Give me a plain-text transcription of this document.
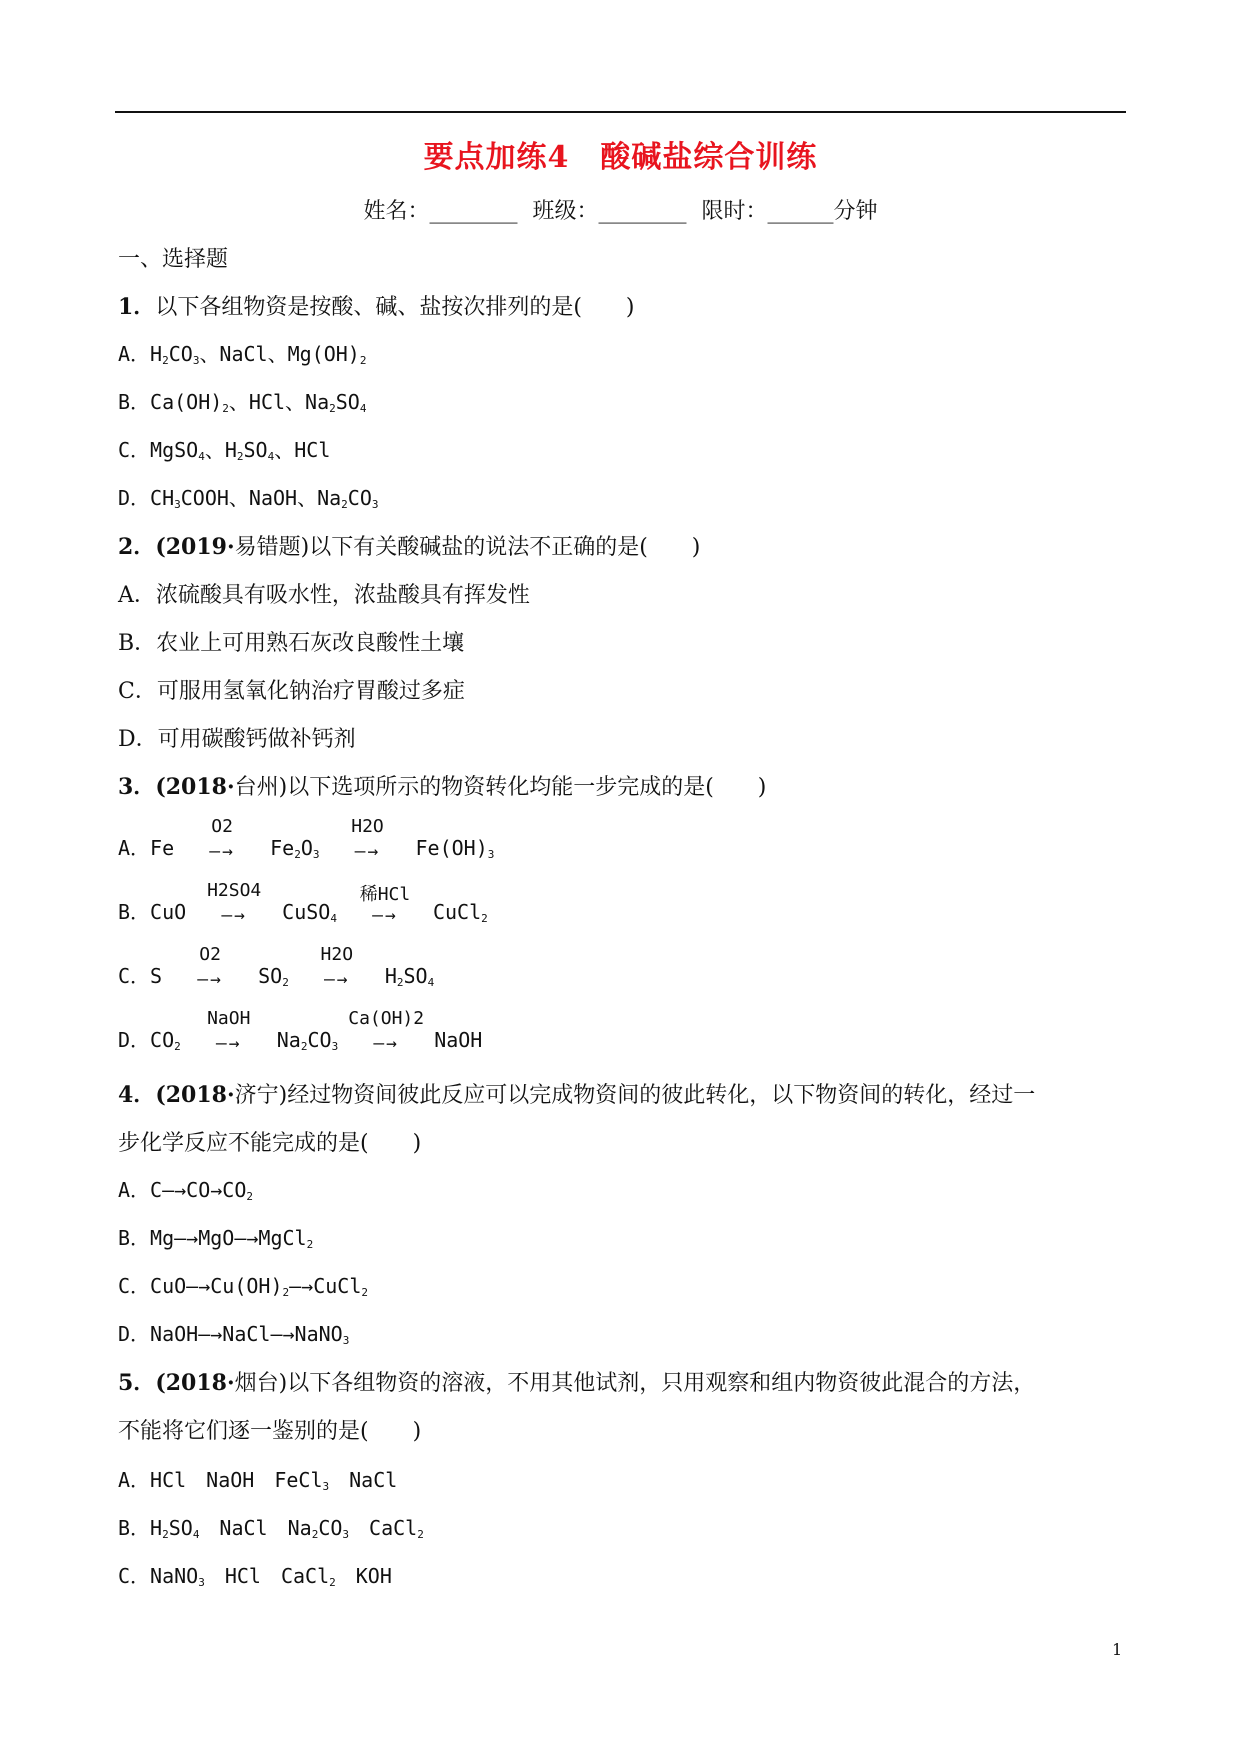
要点加练4　酸碱盐综合训练
姓名：________ 班级：________ 限时：______分钟
一、选择题
1．以下各组物资是按酸、碱、盐按次排列的是(　　)
A．$H_2CO_3$、NaCl、$Mg(OH)_2$
B．$Ca(OH)_2$、HCl、$Na_2SO_4$
C．MgSO$_4$、$H_2SO_4$、HCl
D．$CH_3COOH$、NaOH、$Na_2CO_3$
2．(2019·易错题)以下有关酸碱盐的说法不正确的是(　　)
A．浓硫酸具有吸水性，浓盐酸具有挥发性
B．农业上可用熟石灰改良酸性土壤
C．可服用氢氧化钠治疗胃酸过多症
D．可用碳酸钙做补钙剂
3．(2018·台州)以下选项所示的物资转化均能一步完成的是(　　)
A．Fe
O2
—→	$Fe_2O_3$
H2O
—→	$Fe(OH)_3$
B．CuO
H2SO4
—→	CuSO$_4$
稀HCl
—→	CuCl$_2$
C．S
O2
—→	$SO_2$
H2O
—→	$H_2SO_4$
D．$CO_2$
NaOH
—→	$Na_2CO_3$
Ca(OH)2
—→	NaOH
4．(2018·济宁)经过物资间彼此反应可以完成物资间的彼此转化，以下物资间的转化，经过一
步化学反应不能完成的是(　　)
A．$C—\to CO\to CO_2$
B．Mg—→MgO—→MgCl$_2$
C．$CuO—\to Cu(OH)_2—\to CuCl_2$
D．NaOH—→NaCl—→NaNO$_3$
5．(2018·烟台)以下各组物资的溶液，不用其他试剂，只用观察和组内物资彼此混合的方法，
不能将它们逐一鉴别的是(　　)
A．HCl　NaOH　FeCl$_3$　NaCl
B．$H_2SO_4$　NaCl　$Na_2CO_3$　CaCl$_2$
C．NaNO$_3$　HCl　CaCl$_2$　KOH
1
